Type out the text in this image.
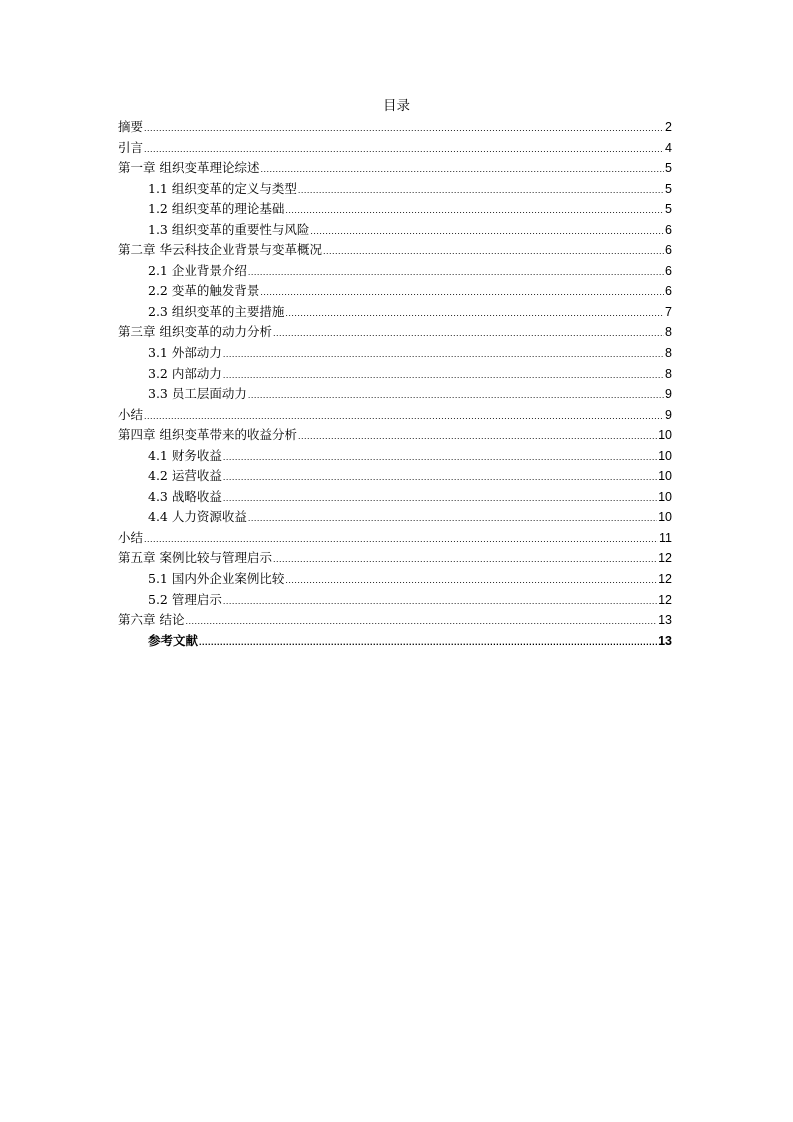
目录
摘要 .....	2
引言 .....	4
第一章 组织变革理论综述 .....	5
1.1 组织变革的定义与类型 .....	5
1.2 组织变革的理论基础 .....	5
1.3 组织变革的重要性与风险 .....	6
第二章 华云科技企业背景与变革概况 .....	6
2.1 企业背景介绍 .....	6
2.2 变革的触发背景 .....	6
2.3 组织变革的主要措施 .....	7
第三章 组织变革的动力分析 .....	8
3.1 外部动力 .....	8
3.2 内部动力 .....	8
3.3 员工层面动力 .....	9
小结 .....	9
第四章 组织变革带来的收益分析 .....	10
4.1 财务收益 .....	10
4.2 运营收益 .....	10
4.3 战略收益 .....	10
4.4 人力资源收益 .....	10
小结 .....	11
第五章 案例比较与管理启示 .....	12
5.1 国内外企业案例比较 .....	12
5.2 管理启示 .....	12
第六章 结论 .....	13
参考文献 .....	13
